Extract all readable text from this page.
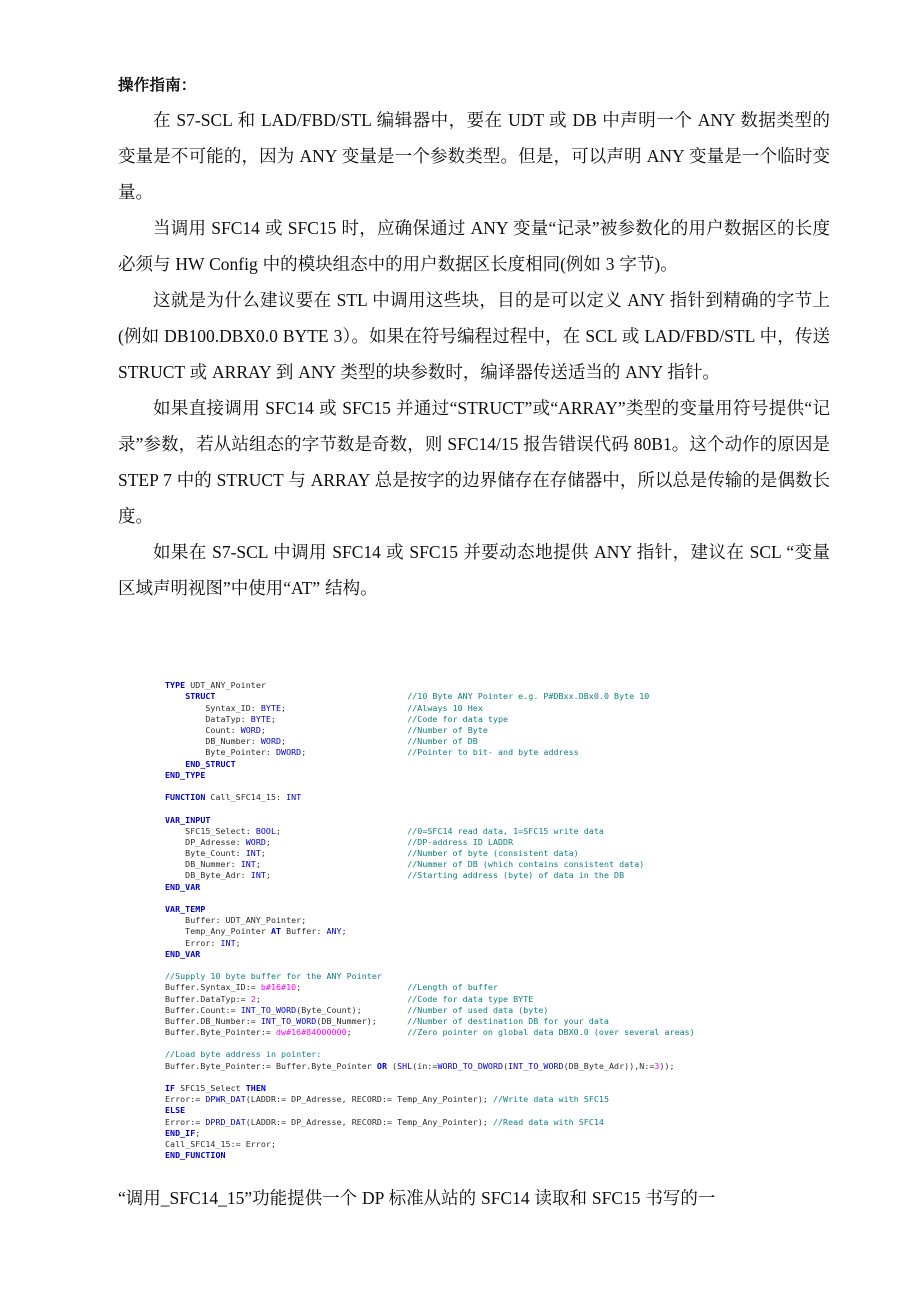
操作指南：

在 S7-SCL 和 LAD/FBD/STL 编辑器中，要在 UDT 或 DB 中声明一个 ANY 数据类型的变量是不可能的，因为 ANY 变量是一个参数类型。但是，可以声明 ANY 变量是一个临时变量。

当调用 SFC14 或 SFC15 时，应确保通过 ANY 变量“记录”被参数化的用户数据区的长度必须与 HW Config 中的模块组态中的用户数据区长度相同(例如 3 字节)。

这就是为什么建议要在 STL 中调用这些块，目的是可以定义 ANY 指针到精确的字节上(例如 DB100.DBX0.0 BYTE 3）。如果在符号编程过程中，在 SCL 或 LAD/FBD/STL 中，传送 STRUCT 或 ARRAY 到 ANY 类型的块参数时，编译器传送适当的 ANY 指针。

如果直接调用 SFC14 或 SFC15 并通过“STRUCT”或“ARRAY”类型的变量用符号提供“记录”参数，若从站组态的字节数是奇数，则 SFC14/15 报告错误代码 80B1。这个动作的原因是 STEP 7 中的 STRUCT 与 ARRAY 总是按字的边界储存在存储器中，所以总是传输的是偶数长度。

如果在 S7-SCL 中调用 SFC14 或 SFC15 并要动态地提供 ANY 指针，建议在 SCL “变量区域声明视图”中使用“AT” 结构。

TYPE UDT_ANY_Pointer
STRUCT	//10 Byte ANY Pointer e.g. P#DBxx.DBx0.0 Byte 10
Syntax_ID: BYTE;                        //Always 10 Hex
DataTyp: BYTE;                          //Code for data type
Count: WORD;                            //Number of Byte
DB_Number: WORD;                        //Number of DB
Byte_Pointer: DWORD;                    //Pointer to bit- and byte address
END_STRUCT
END_TYPE

FUNCTION Call_SFC14_15: INT

VAR_INPUT
SFC15_Select: BOOL;                         //0=SFC14 read data, 1=SFC15 write data
DP_Adresse: WORD;                           //DP-address ID LADDR
Byte_Count: INT;                            //Number of byte (consistent data)
DB_Nummer: INT;                             //Nummer of DB (which contains consistent data)
DB_Byte_Adr: INT;                           //Starting address (byte) of data in the DB
END_VAR

VAR_TEMP
Buffer: UDT_ANY_Pointer;
Temp_Any_Pointer AT Buffer: ANY;
Error: INT;
END_VAR

//Supply 10 byte buffer for the ANY Pointer
Buffer.Syntax_ID:= b#16#10;                     //Length of buffer
Buffer.DataTyp:= 2;                             //Code for data type BYTE
Buffer.Count:= INT_TO_WORD(Byte_Count);         //Number of used data (byte)
Buffer.DB_Number:= INT_TO_WORD(DB_Nummer);      //Number of destination DB for your data
Buffer.Byte_Pointer:= dw#16#84000000;           //Zero pointer on global data DBX0.0 (over several areas)

//Load byte address in pointer:
Buffer.Byte_Pointer:= Buffer.Byte_Pointer OR (SHL(in:=WORD_TO_DWORD(INT_TO_WORD(DB_Byte_Adr)),N:=3));

IF SFC15_Select THEN
Error:= DPWR_DAT(LADDR:= DP_Adresse, RECORD:= Temp_Any_Pointer); //Write data with SFC15
ELSE
Error:= DPRD_DAT(LADDR:= DP_Adresse, RECORD:= Temp_Any_Pointer); //Read data with SFC14
END_IF;
Call_SFC14_15:= Error;
END_FUNCTION

“调用_SFC14_15”功能提供一个 DP 标准从站的 SFC14 读取和 SFC15 书写的一
